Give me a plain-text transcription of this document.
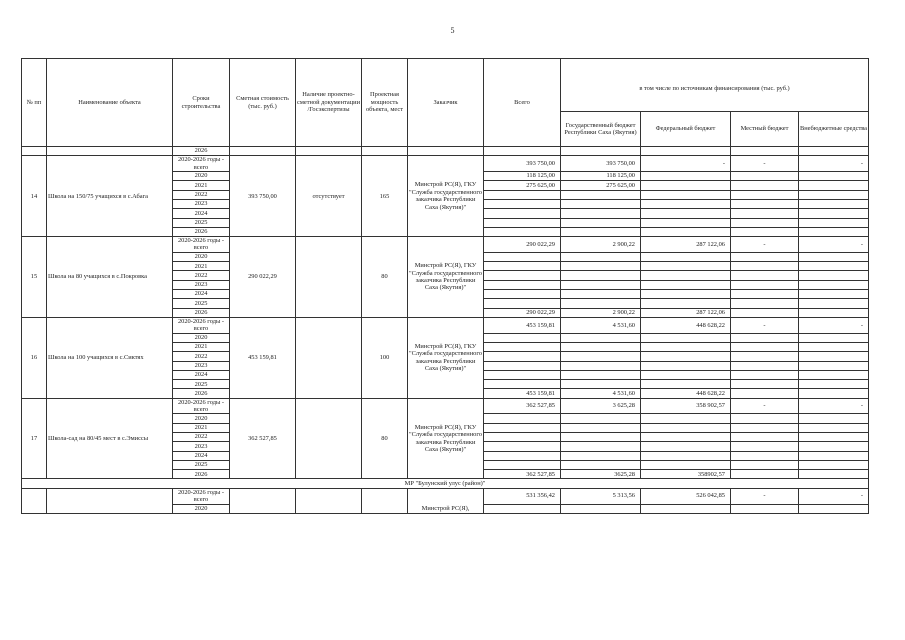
5
№ пп	Наименование объекта	Сроки строительства	Сметная стоимость (тыс. руб.)	Наличие проектно-сметной документации /Госэкспертизы	Проектная мощность объекта, мест	Заказчик	Всего	в том числе по источникам финансирования (тыс. руб.)			
								Государственный бюджет Республики Саха (Якутия)	Федеральный бюджет	Местный бюджет	Внебюджетные средства
		2026									
14	Школа на 150/75 учащихся в с.Абага	2020-2026 годы - всего	393 750,00	отсутствует	165	Минстрой РС(Я), ГКУ "Служба государственного заказчика Республики Саха (Якутия)"	393 750,00	393 750,00	-	-	-
		2020					118 125,00	118 125,00			
		2021					275 625,00	275 625,00			
		2022									
		2023									
		2024									
		2025									
		2026									
15	Школа на 80 учащихся в с.Покровка	2020-2026 годы - всего	290 022,29		80	Минстрой РС(Я), ГКУ "Служба государственного заказчика Республики Саха (Якутия)"	290 022,29	2 900,22	287 122,06	-	-
		2020									
		2021									
		2022									
		2023									
		2024									
		2025									
		2026					290 022,29	2 900,22	287 122,06		
16	Школа на 100 учащихся в с.Сиктях	2020-2026 годы - всего	453 159,81		100	Минстрой РС(Я), ГКУ "Служба государственного заказчика Республики Саха (Якутия)"	453 159,81	4 531,60	448 628,22	-	-
		2020									
		2021									
		2022									
		2023									
		2024									
		2025									
		2026					453 159,81	4 531,60	448 628,22		
17	Школа-сад на 80/45 мест в с.Эмиссы	2020-2026 годы - всего	362 527,85		80	Минстрой РС(Я), ГКУ "Служба государственного заказчика Республики Саха (Якутия)"	362 527,85	3 625,28	358 902,57	-	-
		2020									
		2021									
		2022									
		2023									
		2024									
		2025									
		2026					362 527,85	3625,28	358902,57		
МР "Булунский улус (район)"											
		2020-2026 годы - всего				Минстрой РС(Я),	531 356,42	5 313,56	526 042,85	-	-
		2020									
